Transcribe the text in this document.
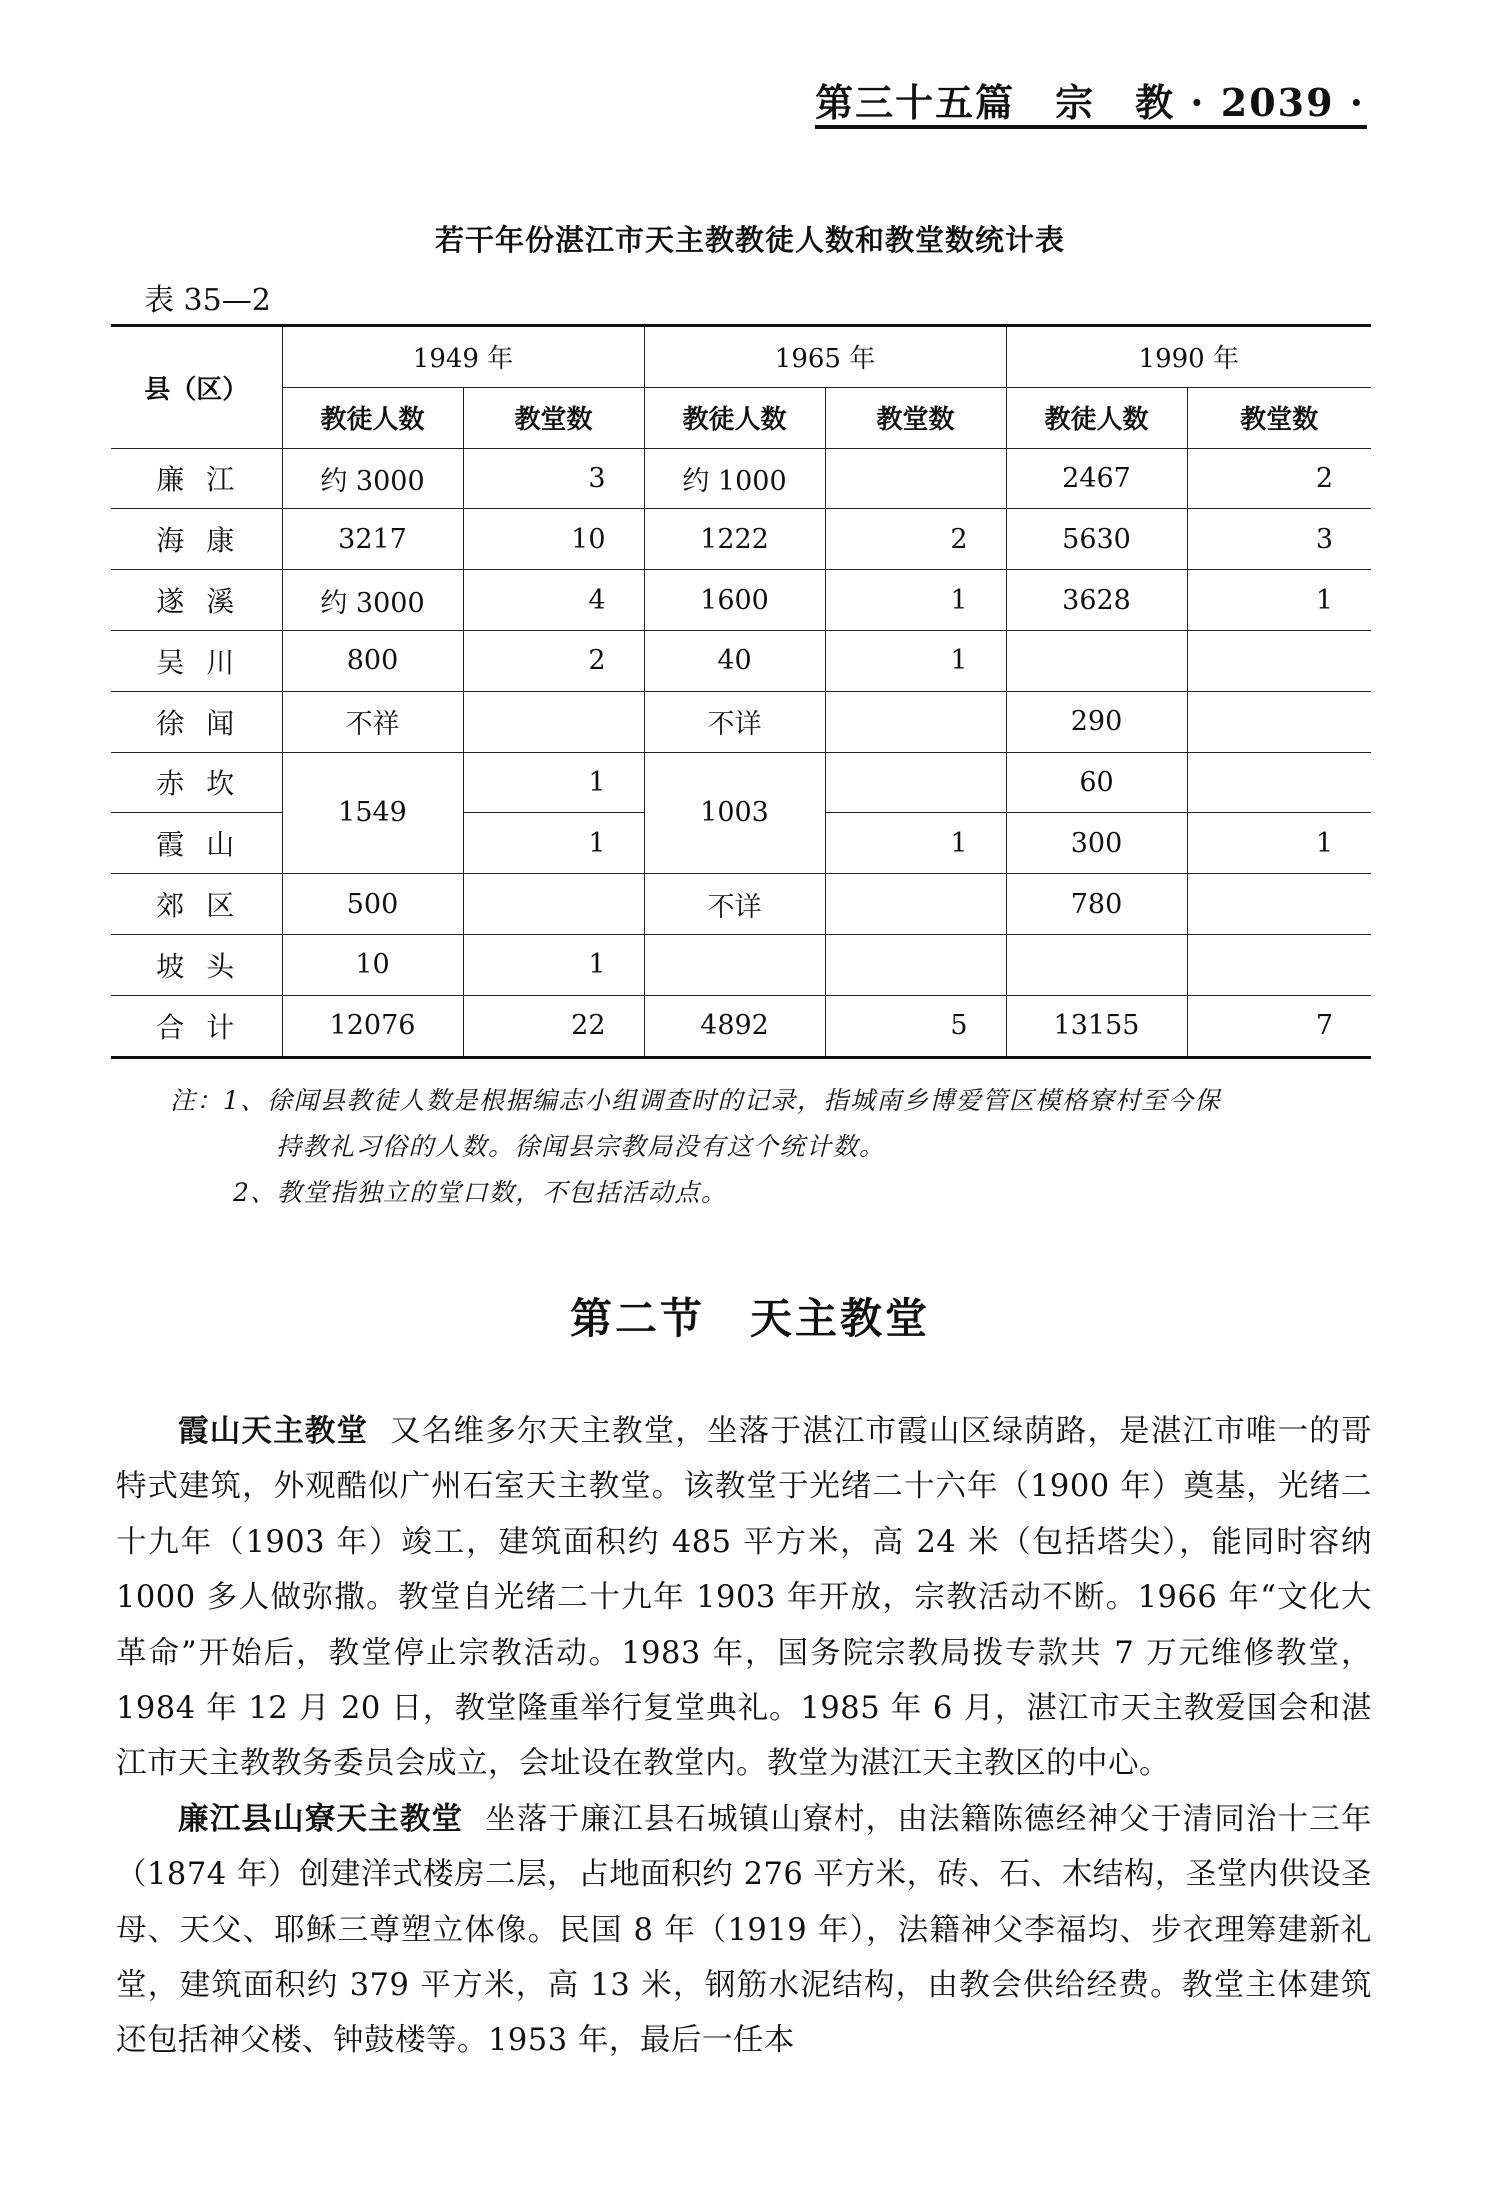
第三十五篇　宗　教 · 2039 ·
若干年份湛江市天主教教徒人数和教堂数统计表
表 35—2
县（区）	1949 年		1965 年		1990 年	
	教徒人数	教堂数	教徒人数	教堂数	教徒人数	教堂数
廉江	约 3000	3	约 1000		2467	2
海康	3217	10	1222	2	5630	3
遂溪	约 3000	4	1600	1	3628	1
吴川	800	2	40	1		
徐闻	不祥		不详		290	
赤坎	1549	1	1003		60	
霞山		1		1	300	1
郊区	500		不详		780	
坡头	10	1				
合计	12076	22	4892	5	13155	7
注：1、徐闻县教徒人数是根据编志小组调查时的记录，指城南乡博爱管区模格寮村至今保
持教礼习俗的人数。徐闻县宗教局没有这个统计数。
2、教堂指独立的堂口数，不包括活动点。
第二节　天主教堂

霞山天主教堂 又名维多尔天主教堂，坐落于湛江市霞山区绿荫路，是湛江市唯一的哥特式建筑，外观酷似广州石室天主教堂。该教堂于光绪二十六年（1900 年）奠基，光绪二十九年（1903 年）竣工，建筑面积约 485 平方米，高 24 米（包括塔尖），能同时容纳 1000 多人做弥撒。教堂自光绪二十九年 1903 年开放，宗教活动不断。1966 年“文化大革命”开始后，教堂停止宗教活动。1983 年，国务院宗教局拨专款共 7 万元维修教堂，1984 年 12 月 20 日，教堂隆重举行复堂典礼。1985 年 6 月，湛江市天主教爱国会和湛江市天主教教务委员会成立，会址设在教堂内。教堂为湛江天主教区的中心。

廉江县山寮天主教堂 坐落于廉江县石城镇山寮村，由法籍陈德经神父于清同治十三年（1874 年）创建洋式楼房二层，占地面积约 276 平方米，砖、石、木结构，圣堂内供设圣母、天父、耶稣三尊塑立体像。民国 8 年（1919 年），法籍神父李福均、步衣理筹建新礼堂，建筑面积约 379 平方米，高 13 米，钢筋水泥结构，由教会供给经费。教堂主体建筑还包括神父楼、钟鼓楼等。1953 年，最后一任本
